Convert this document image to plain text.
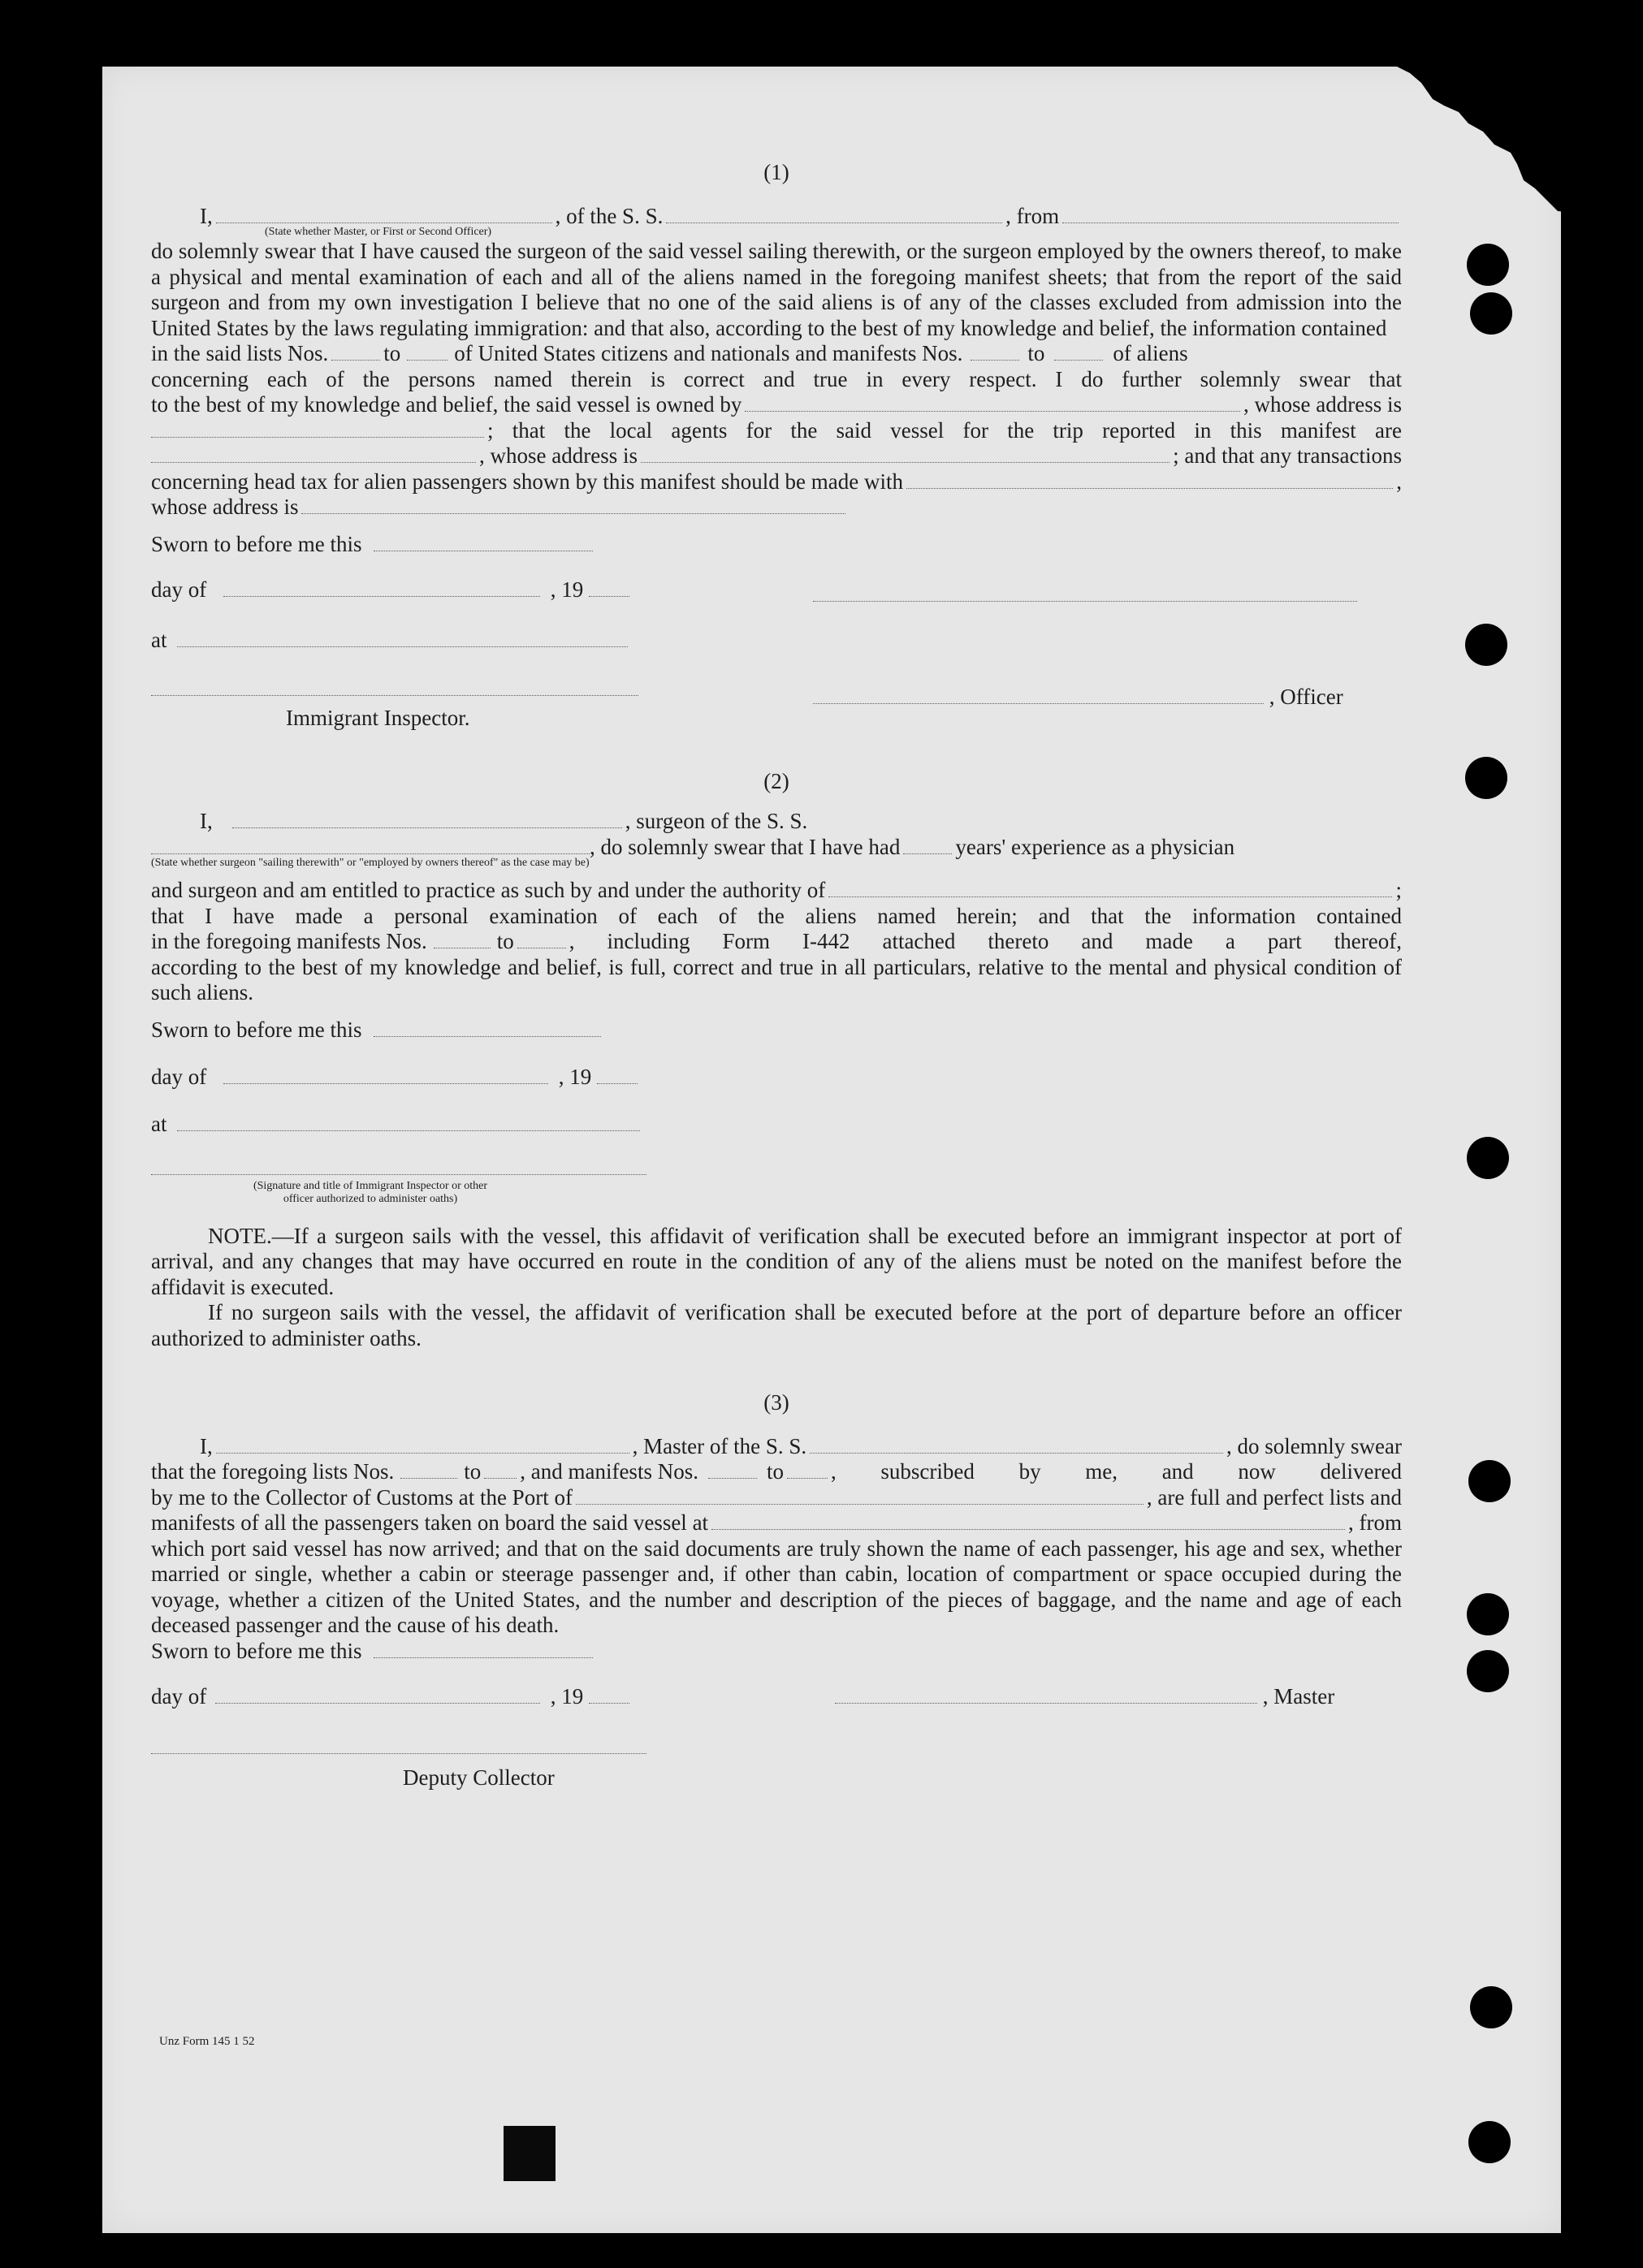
(1)
I,	, of the S. S.	, from
(State whether Master, or First or Second Officer)

do solemnly swear that I have caused the surgeon of the said vessel sailing therewith, or the surgeon employed by the owners thereof, to make a physical and mental examination of each and all of the aliens named in the foregoing manifest sheets; that from the report of the said surgeon and from my own investigation I believe that no one of the said aliens is of any of the classes excluded from admission into the United States by the laws regulating immigration: and that also, according to the best of my knowledge and belief, the information contained

in the said lists Nos.	to of United States citizens and nationals and manifests Nos.	to	of aliens
concerning each of the persons named therein is correct and true in every respect. I do further solemnly swear that
to the best of my knowledge and belief, the said vessel is owned by	, whose address is
; that the local agents for the said vessel for the trip reported in this manifest are
, whose address is	; and that any transactions
concerning head tax for alien passengers shown by this manifest should be made with	,
whose address is
Sworn to before me this
day of	, 19
at
Immigrant Inspector.
, Officer
(2)
I,	, surgeon of the S. S.
, do solemnly swear that I have had	years' experience as a physician
(State whether surgeon "sailing therewith" or "employed by owners thereof" as the case may be)
and surgeon and am entitled to practice as such by and under the authority of	;
that I have made a personal examination of each of the aliens named herein; and that the information contained
in the foregoing manifests Nos.	to	, including Form I-442 attached thereto and made a part thereof,
according to the best of my knowledge and belief, is full, correct and true in all particulars, relative to the mental and physical condition of such aliens.
Sworn to before me this
day of	, 19
at
(Signature and title of Immigrant Inspector or other
officer authorized to administer oaths)

NOTE.—If a surgeon sails with the vessel, this affidavit of verification shall be executed before an immigrant inspector at port of arrival, and any changes that may have occurred en route in the condition of any of the aliens must be noted on the manifest before the affidavit is executed.

If no surgeon sails with the vessel, the affidavit of verification shall be executed before at the port of departure before an officer authorized to administer oaths.

(3)
I,	, Master of the S. S.	, do solemnly swear
that the foregoing lists Nos.	to , and manifests Nos.	to , subscribed by me, and now delivered
by me to the Collector of Customs at the Port of	, are full and perfect lists and
manifests of all the passengers taken on board the said vessel at	, from
which port said vessel has now arrived; and that on the said documents are truly shown the name of each passenger, his age and sex, whether married or single, whether a cabin or steerage passenger and, if other than cabin, location of compartment or space occupied during the voyage, whether a citizen of the United States, and the number and description of the pieces of baggage, and the name and age of each deceased passenger and the cause of his death.
Sworn to before me this
day of	, 19	, Master
Deputy Collector
Unz Form 145 1 52
